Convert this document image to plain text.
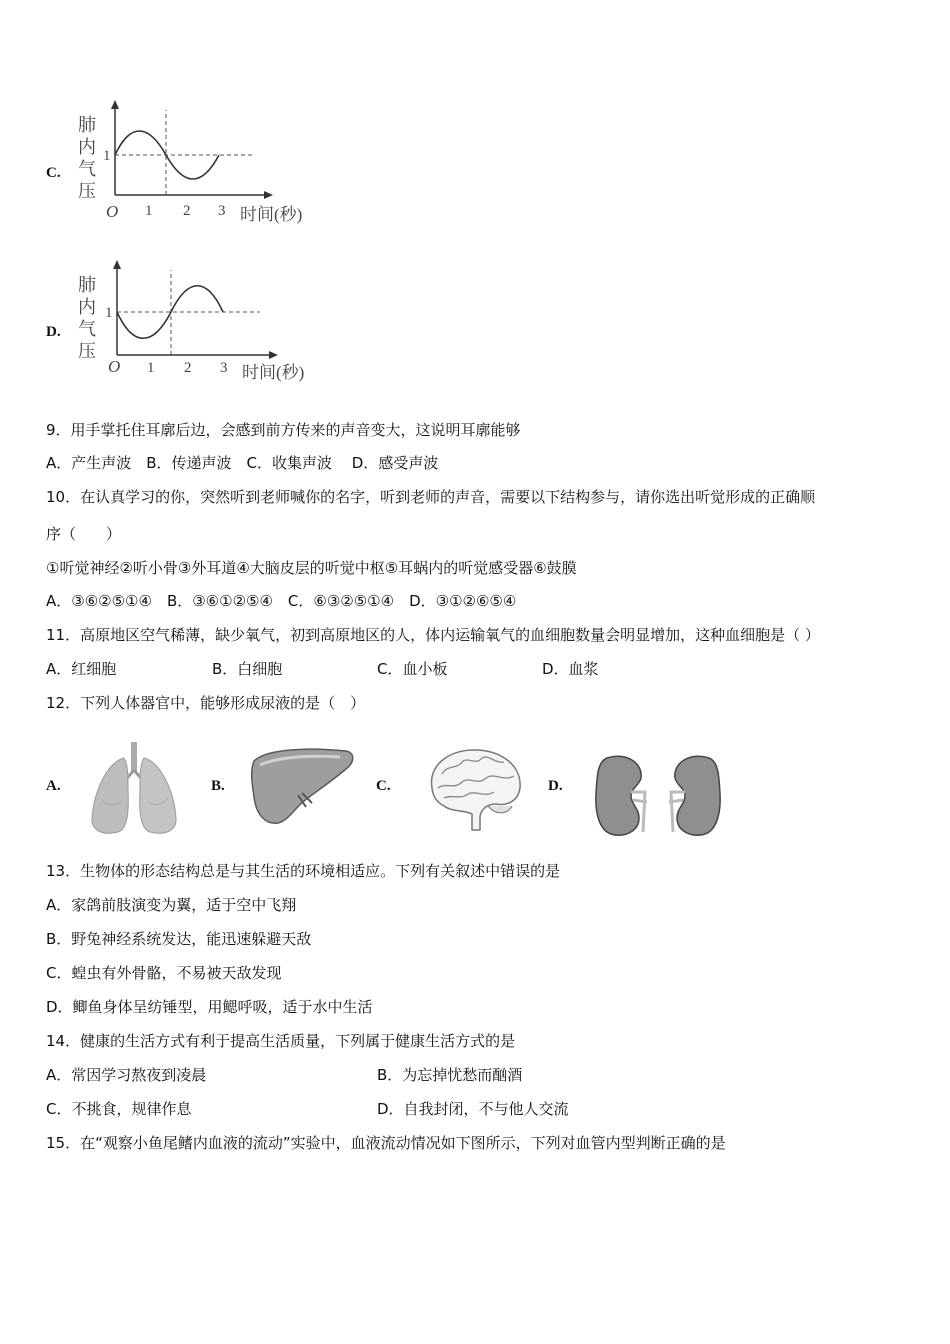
C.
肺
内
气
压
1
O 1 2 3 时间(秒)
D.
肺
内
气
压
1
O 1 2 3 时间(秒)
9．用手掌托住耳廓后边，会感到前方传来的声音变大，这说明耳廓能够
A．产生声波　B．传递声波　C．收集声波　 D．感受声波
10．在认真学习的你，突然听到老师喊你的名字，听到老师的声音，需要以下结构参与，请你选出听觉形成的正确顺
序（　　）
①听觉神经②听小骨③外耳道④大脑皮层的听觉中枢⑤耳蜗内的听觉感受器⑥鼓膜
A．③⑥②⑤①④　B．③⑥①②⑤④　C．⑥③②⑤①④　D．③①②⑥⑤④
11．高原地区空气稀薄，缺少氧气，初到高原地区的人，体内运输氧气的血细胞数量会明显增加，这种血细胞是（ ）
A．红细胞	B．白细胞	C．血小板	D．血浆
12．下列人体器官中，能够形成尿液的是（　）
A.	B.	C.	D.
13．生物体的形态结构总是与其生活的环境相适应。下列有关叙述中错误的是
A．家鸽前肢演变为翼，适于空中飞翔
B．野兔神经系统发达，能迅速躲避天敌
C．蝗虫有外骨骼，不易被天敌发现
D．鲫鱼身体呈纺锤型，用鳃呼吸，适于水中生活
14．健康的生活方式有利于提高生活质量，下列属于健康生活方式的是
A．常因学习熬夜到凌晨	B．为忘掉忧愁而酗酒
C．不挑食，规律作息	D．自我封闭，不与他人交流
15．在“观察小鱼尾鳍内血液的流动”实验中，血液流动情况如下图所示，下列对血管内型判断正确的是
